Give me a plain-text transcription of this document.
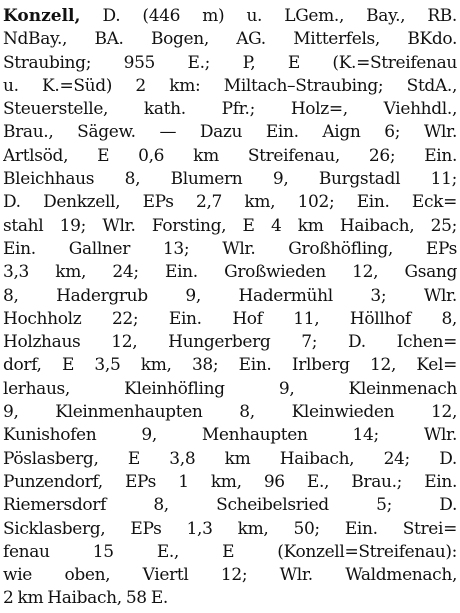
Konzell, D. (446 m) u. LGem., Bay., RB.
NdBay., BA. Bogen, AG. Mitterfels, BKdo.
Straubing; 955 E.; P, E (K.=Streifenau
u. K.=Süd) 2 km: Miltach–Straubing; StdA.,
Steuerstelle, kath. Pfr.; Holz=, Viehhdl.,
Brau., Sägew. — Dazu Ein. Aign 6; Wlr.
Artlsöd, E 0,6 km Streifenau, 26; Ein.
Bleichhaus 8, Blumern 9, Burgstadl 11;
D. Denkzell, EPs 2,7 km, 102; Ein. Eck=
stahl 19; Wlr. Forsting, E 4 km Haibach, 25;
Ein. Gallner 13; Wlr. Großhöfling, EPs
3,3 km, 24; Ein. Großwieden 12, Gsang
8, Hadergrub 9, Hadermühl 3; Wlr.
Hochholz 22; Ein. Hof 11, Höllhof 8,
Holzhaus 12, Hungerberg 7; D. Ichen=
dorf, E 3,5 km, 38; Ein. Irlberg 12, Kel=
lerhaus, Kleinhöfling 9, Kleinmenach
9, Kleinmenhaupten 8, Kleinwieden 12,
Kunishofen 9, Menhaupten 14; Wlr.
Pöslasberg, E 3,8 km Haibach, 24; D.
Punzendorf, EPs 1 km, 96 E., Brau.; Ein.
Riemersdorf 8, Scheibelsried 5; D.
Sicklasberg, EPs 1,3 km, 50; Ein. Strei=
fenau 15 E., E (Konzell=Streifenau):
wie oben, Viertl 12; Wlr. Waldmenach,
2 km Haibach, 58 E.
